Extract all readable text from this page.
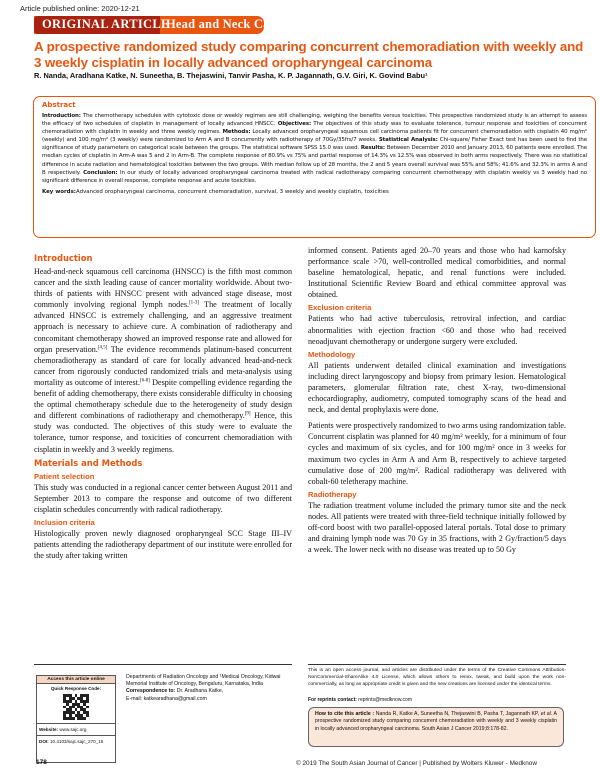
Article published online: 2020-12-21
ORIGINAL ARTICLE
Head and Neck Cancers
A prospective randomized study comparing concurrent chemoradiation with weekly and 3 weekly cisplatin in locally advanced oropharyngeal carcinoma
R. Nanda, Aradhana Katke, N. Suneetha, B. Thejaswini, Tanvir Pasha, K. P. Jagannath, G.V. Giri, K. Govind Babu¹
Abstract
Introduction: The chemotherapy schedules with cytotoxic dose or weekly regimes are still challenging, weighing the benefits versus toxicities. This prospective randomized study is an attempt to assess the efficacy of two schedules of cisplatin in management of locally advanced HNSCC. Objectives: The objectives of this study was to evaluate tolerance, tumour response and toxicities of concurrent chemoradiation with cisplatin in weekly and three weekly regimes. Methods: Locally advanced oropharyngeal squamous cell carcinoma patients fit for concurrent chemoradiation with cisplatin 40 mg/m² (weekly) and 100 mg/m² (3 weekly) were randomized to Arm A and B concurrently with radiotherapy of 70Gy/35frs/7 weeks. Statistical Analysis: Chi-square/ Fisher Exact test has been used to find the significance of study parameters on categorical scale between the groups. The statistical software SPSS 15.0 was used. Results: Between December 2010 and January 2013, 60 patients were enrolled. The median cycles of cisplatin in Arm-A was 5 and 2 in Arm-B. The complete response of 80.9% vs 75% and partial response of 14.3% vs 12.5% was observed in both arms respectively. There was no statistical difference in acute radiation and hematological toxicities between the two groups. With median follow up of 28 months, the 2 and 5 years overall survival was 55% and 58%; 41.6% and 32.3% in arms A and B respectively. Conclusion: In our study of locally advanced oropharyngeal carcinoma treated with radical radiotherapy comparing concurrent chemotherapy with cisplatin weekly vs 3 weekly had no significant difference in overall response, complete response and acute toxicities.
Key words:Advanced oropharyngeal carcinoma, concurrent chemoradiation, survival, 3 weekly and weekly cisplatin, toxicities
Introduction

Head-and-neck squamous cell carcinoma (HNSCC) is the fifth most common cancer and the sixth leading cause of cancer mortality worldwide. About two-thirds of patients with HNSCC present with advanced stage disease, most commonly involving regional lymph nodes.[1-3] The treatment of locally advanced HNSCC is extremely challenging, and an aggressive treatment approach is necessary to achieve cure. A combination of radiotherapy and concomitant chemotherapy showed an improved response rate and allowed for organ preservation.[4,5] The evidence recommends platinum-based concurrent chemoradiotherapy as standard of care for locally advanced head-and-neck cancer from rigorously conducted randomized trials and meta-analysis using mortality as outcome of interest.[6-8] Despite compelling evidence regarding the benefit of adding chemotherapy, there exists considerable difficulty in choosing the optimal chemotherapy schedule due to the heterogeneity of study design and different combinations of radiotherapy and chemotherapy.[9] Hence, this study was conducted. The objectives of this study were to evaluate the tolerance, tumor response, and toxicities of concurrent chemoradiation with cisplatin in weekly and 3 weekly regimens.

Materials and Methods
Patient selection

This study was conducted in a regional cancer center between August 2011 and September 2013 to compare the response and outcome of two different cisplatin schedules concurrently with radical radiotherapy.

Inclusion criteria

Histologically proven newly diagnosed oropharyngeal SCC Stage III–IV patients attending the radiotherapy department of our institute were enrolled for the study after taking written

informed consent. Patients aged 20–70 years and those who had karnofsky performance scale >70, well-controlled medical comorbidities, and normal baseline hematological, hepatic, and renal functions were included. Institutional Scientific Review Board and ethical committee approval was obtained.

Exclusion criteria

Patients who had active tuberculosis, retroviral infection, and cardiac abnormalities with ejection fraction <60 and those who had received neoadjuvant chemotherapy or undergone surgery were excluded.

Methodology

All patients underwent detailed clinical examination and investigations including direct laryngoscopy and biopsy from primary lesion. Hematological parameters, glomerular filtration rate, chest X-ray, two-dimensional echocardiography, audiometry, computed tomography scans of the head and neck, and dental prophylaxis were done.

Patients were prospectively randomized to two arms using randomization table. Concurrent cisplatin was planned for 40 mg/m² weekly, for a minimum of four cycles and maximum of six cycles, and for 100 mg/m² once in 3 weeks for maximum two cycles in Arm A and Arm B, respectively to achieve targeted cumulative dose of 200 mg/m². Radical radiotherapy was delivered with cobalt-60 teletherapy machine.

Radiotherapy

The radiation treatment volume included the primary tumor site and the neck nodes. All patients were treated with three-field technique initially followed by off-cord boost with two parallel-opposed lateral portals. Total dose to primary and draining lymph node was 70 Gy in 35 fractions, with 2 Gy/fraction/5 days a week. The lower neck with no disease was treated up to 50 Gy

Access this article online
Quick Response Code:
Website: www.sajc.org
DOI: 10.4103/sajc.sajc_270_16
Departments of Radiation Oncology and ¹Medical Oncology, Kidwai Memorial Institute of Oncology, Bengaluru, Karnataka, India
Correspondence to: Dr. Aradhana Katke,
E-mail: katkearadhana@gmail.com
This is an open access journal, and articles are distributed under the terms of the Creative Commons Attribution-NonCommercial-ShareAlike 4.0 License, which allows others to remix, tweak, and build upon the work non-commercially, as long as appropriate credit is given and the new creations are licensed under the identical terms.
For reprints contact: reprints@medknow.com
How to cite this article : Nanda R, Katke A, Suneetha N, Thejaswini B, Pasha T, Jagannath KP, et al. A prospective randomized study comparing concurrent chemoradiation with weekly and 3 weekly cisplatin in locally advanced oropharyngeal carcinoma. South Asian J Cancer 2019;8:178-82.
178	© 2019 The South Asian Journal of Cancer | Published by Wolters Kluwer - Medknow
